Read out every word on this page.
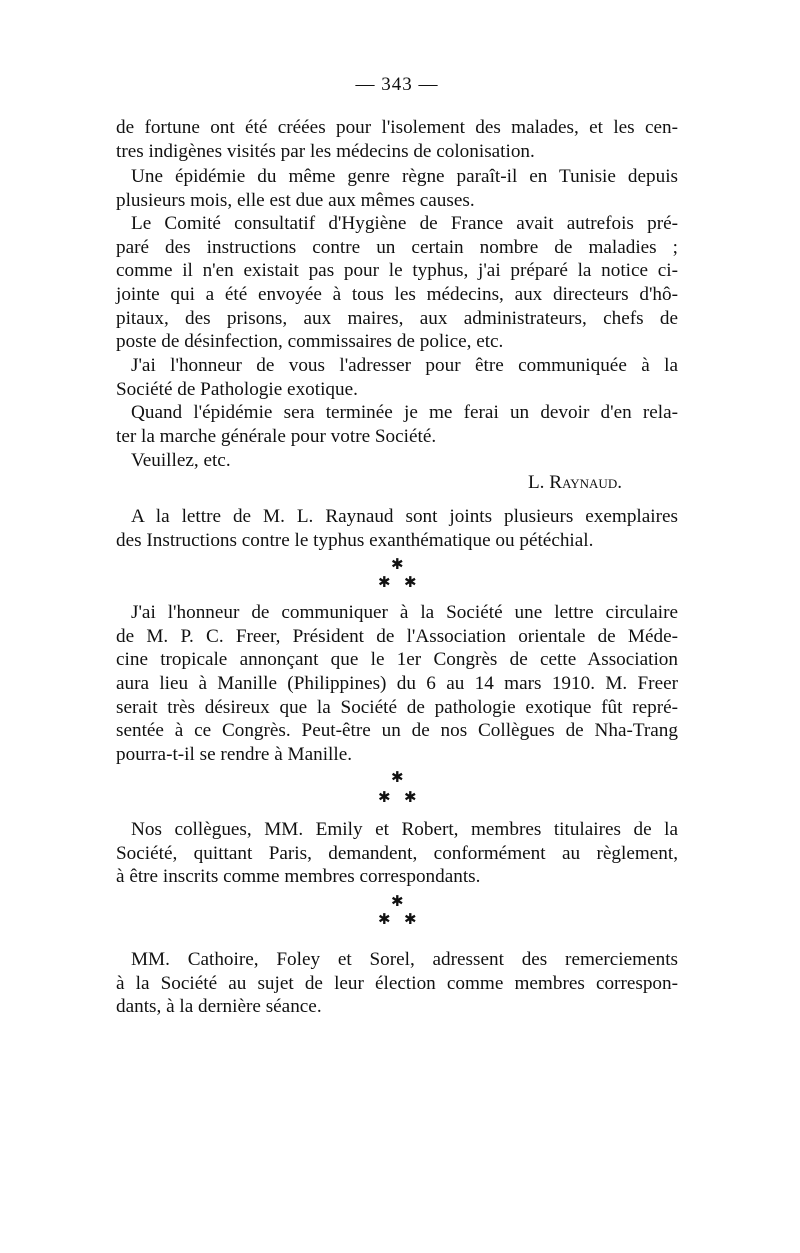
— 343 —
de fortune ont été créées pour l'isolement des malades, et les cen-
tres indigènes visités par les médecins de colonisation.
Une épidémie du même genre règne paraît-il en Tunisie depuis
plusieurs mois, elle est due aux mêmes causes.
Le Comité consultatif d'Hygiène de France avait autrefois pré-
paré des instructions contre un certain nombre de maladies ;
comme il n'en existait pas pour le typhus, j'ai préparé la notice ci-
jointe qui a été envoyée à tous les médecins, aux directeurs d'hô-
pitaux, des prisons, aux maires, aux administrateurs, chefs de
poste de désinfection, commissaires de police, etc.
J'ai l'honneur de vous l'adresser pour être communiquée à la
Société de Pathologie exotique.
Quand l'épidémie sera terminée je me ferai un devoir d'en rela-
ter la marche générale pour votre Société.
Veuillez, etc.
L. Raynaud.
A la lettre de M. L. Raynaud sont joints plusieurs exemplaires
des Instructions contre le typhus exanthématique ou pétéchial.
✱
✱ ✱
J'ai l'honneur de communiquer à la Société une lettre circulaire
de M. P. C. Freer, Président de l'Association orientale de Méde-
cine tropicale annonçant que le 1er Congrès de cette Association
aura lieu à Manille (Philippines) du 6 au 14 mars 1910. M. Freer
serait très désireux que la Société de pathologie exotique fût repré-
sentée à ce Congrès. Peut-être un de nos Collègues de Nha-Trang
pourra-t-il se rendre à Manille.
✱
✱ ✱
Nos collègues, MM. Emily et Robert, membres titulaires de la
Société, quittant Paris, demandent, conformément au règlement,
à être inscrits comme membres correspondants.
✱
✱ ✱
MM. Cathoire, Foley et Sorel, adressent des remerciements
à la Société au sujet de leur élection comme membres correspon-
dants, à la dernière séance.
